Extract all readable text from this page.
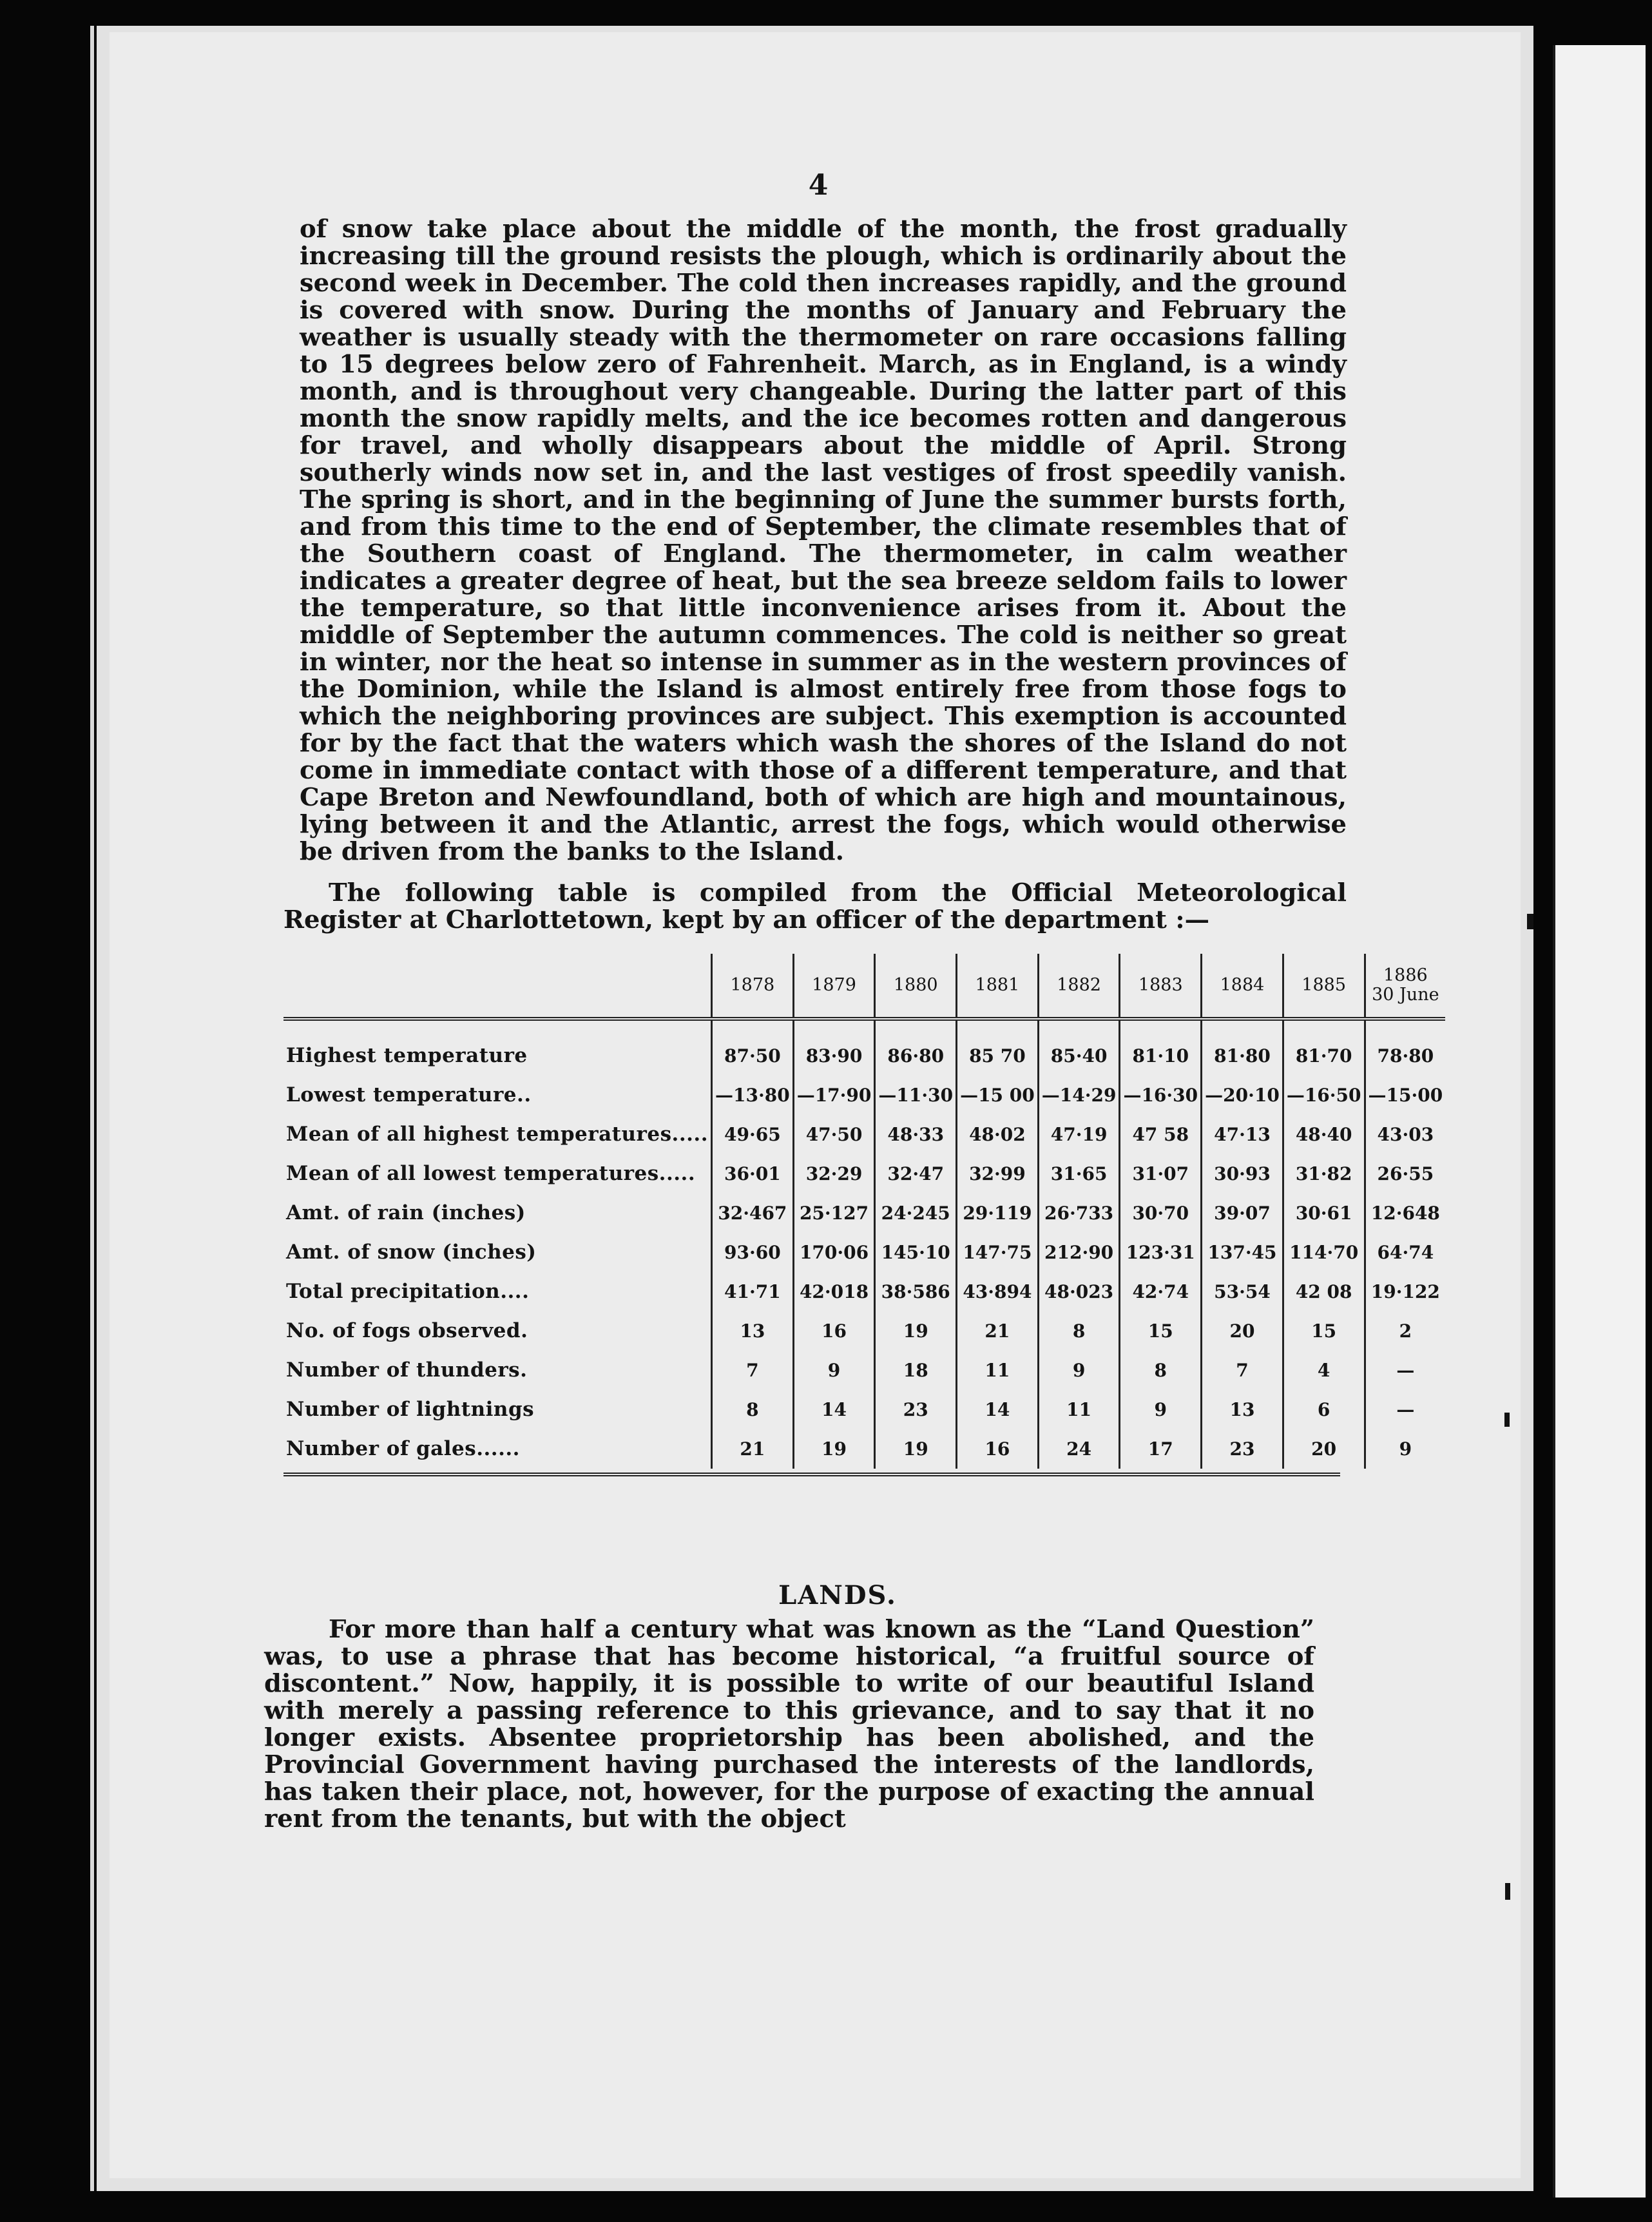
4

of snow take place about the middle of the month, the frost gradually increasing till the ground resists the plough, which is ordinarily about the second week in December. The cold then increases rapidly, and the ground is covered with snow. During the months of January and February the weather is usually steady with the thermometer on rare occasions falling to 15 degrees below zero of Fahrenheit. March, as in England, is a windy month, and is throughout very changeable. During the latter part of this month the snow rapidly melts, and the ice becomes rotten and dangerous for travel, and wholly disappears about the middle of April. Strong southerly winds now set in, and the last vestiges of frost speedily vanish. The spring is short, and in the beginning of June the summer bursts forth, and from this time to the end of September, the climate resembles that of the Southern coast of England. The thermometer, in calm weather indicates a greater degree of heat, but the sea breeze seldom fails to lower the temperature, so that little inconvenience arises from it. About the middle of September the autumn commences. The cold is neither so great in winter, nor the heat so intense in summer as in the western provinces of the Dominion, while the Island is almost entirely free from those fogs to which the neighboring provinces are subject. This exemption is accounted for by the fact that the waters which wash the shores of the Island do not come in immediate contact with those of a different temperature, and that Cape Breton and Newfoundland, both of which are high and mountainous, lying between it and the Atlantic, arrest the fogs, which would otherwise be driven from the banks to the Island.

The following table is compiled from the Official Meteorological Register at Charlottetown, kept by an officer of the department :—

	1878	1879	1880	1881	1882	1883	1884	1885	1886
30 June
Highest temperature	87·50	83·90	86·80	85 70	85·40	81·10	81·80	81·70	78·80
Lowest temperature..	—13·80	—17·90	—11·30	—15 00	—14·29	—16·30	—20·10	—16·50	—15·00
Mean of all highest temperatures.....	49·65	47·50	48·33	48·02	47·19	47 58	47·13	48·40	43·03
Mean of all lowest temperatures.....	36·01	32·29	32·47	32·99	31·65	31·07	30·93	31·82	26·55
Amt. of rain (inches)	32·467	25·127	24·245	29·119	26·733	30·70	39·07	30·61	12·648
Amt. of snow (inches)	93·60	170·06	145·10	147·75	212·90	123·31	137·45	114·70	64·74
Total precipitation....	41·71	42·018	38·586	43·894	48·023	42·74	53·54	42 08	19·122
No. of fogs observed.	13	16	19	21	8	15	20	15	2
Number of thunders.	7	9	18	11	9	8	7	4	—
Number of lightnings	8	14	23	14	11	9	13	6	—
Number of gales......	21	19	19	16	24	17	23	20	9
LANDS.

For more than half a century what was known as the “Land Question” was, to use a phrase that has become historical, “a fruitful source of discontent.” Now, happily, it is possible to write of our beautiful Island with merely a passing reference to this grievance, and to say that it no longer exists. Absentee proprietorship has been abolished, and the Provincial Government having purchased the interests of the landlords, has taken their place, not, however, for the purpose of exacting the annual rent from the tenants, but with the object
